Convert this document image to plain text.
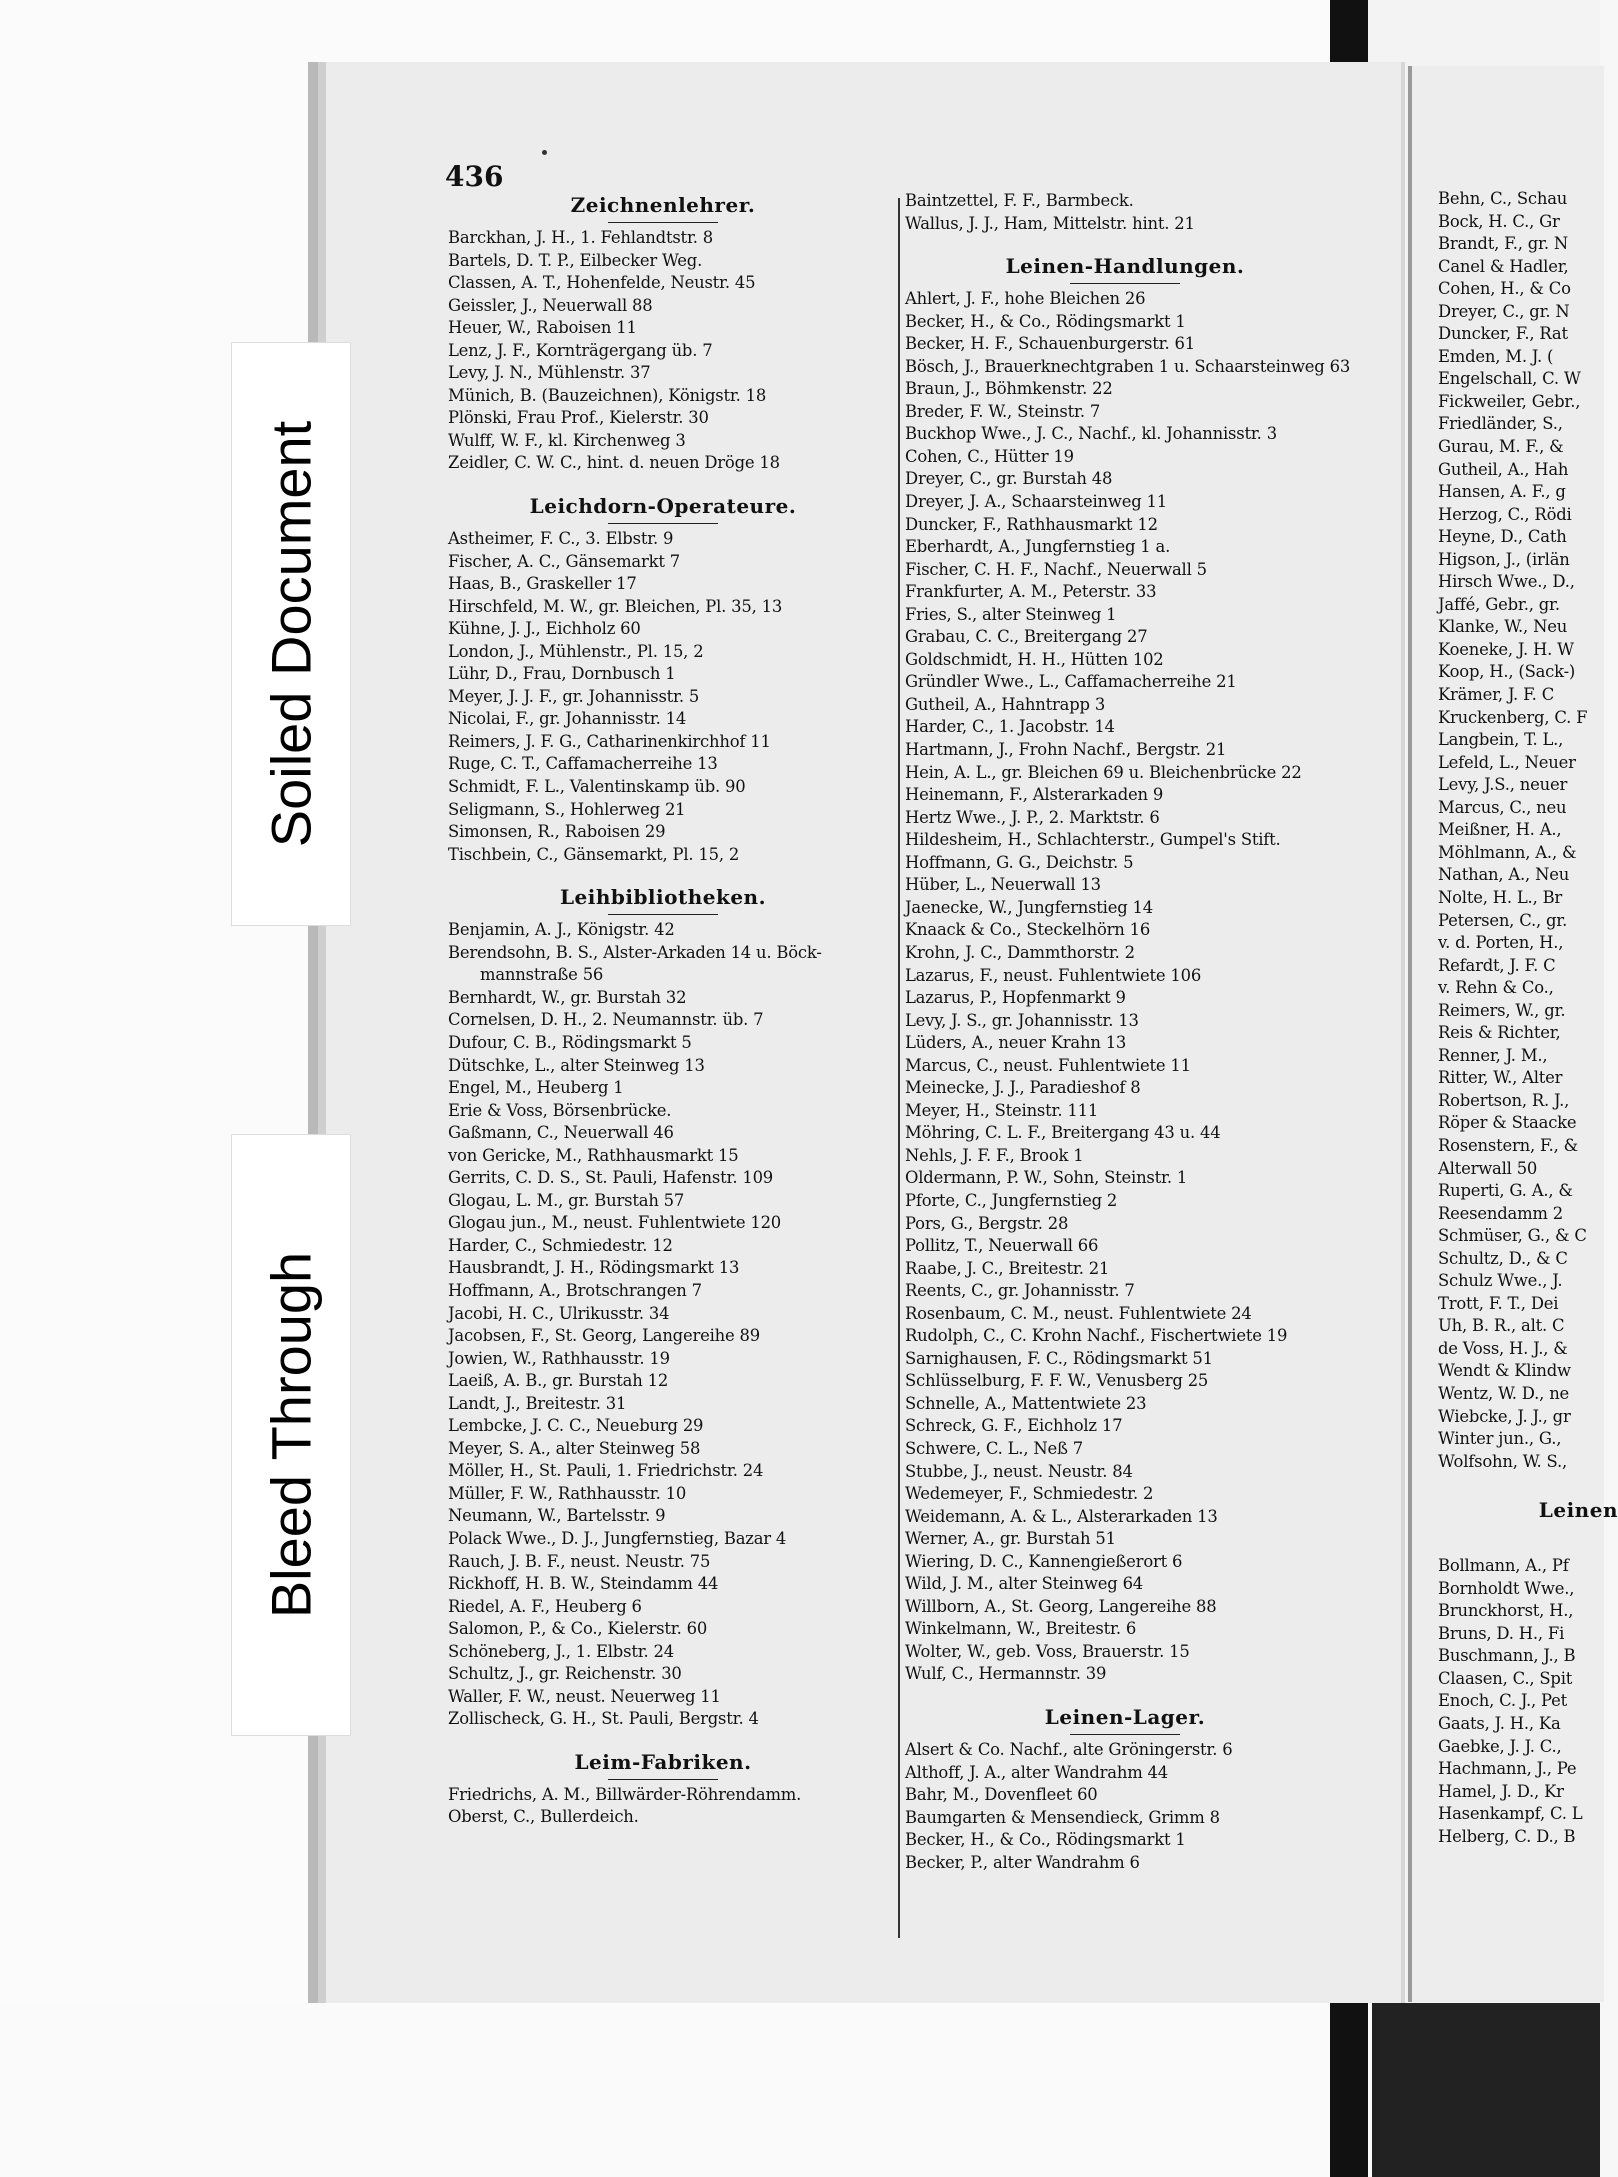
436
Zeichnenlehrer.
Barckhan, J. H., 1. Fehlandtstr. 8
Bartels, D. T. P., Eilbecker Weg.
Classen, A. T., Hohenfelde, Neustr. 45
Geissler, J., Neuerwall 88
Heuer, W., Raboisen 11
Lenz, J. F., Kornträgergang üb. 7
Levy, J. N., Mühlenstr. 37
Münich, B. (Bauzeichnen), Königstr. 18
Plönski, Frau Prof., Kielerstr. 30
Wulff, W. F., kl. Kirchenweg 3
Zeidler, C. W. C., hint. d. neuen Dröge 18
Leichdorn-Operateure.
Astheimer, F. C., 3. Elbstr. 9
Fischer, A. C., Gänsemarkt 7
Haas, B., Graskeller 17
Hirschfeld, M. W., gr. Bleichen, Pl. 35, 13
Kühne, J. J., Eichholz 60
London, J., Mühlenstr., Pl. 15, 2
Lühr, D., Frau, Dornbusch 1
Meyer, J. J. F., gr. Johannisstr. 5
Nicolai, F., gr. Johannisstr. 14
Reimers, J. F. G., Catharinenkirchhof 11
Ruge, C. T., Caffamacherreihe 13
Schmidt, F. L., Valentinskamp üb. 90
Seligmann, S., Hohlerweg 21
Simonsen, R., Raboisen 29
Tischbein, C., Gänsemarkt, Pl. 15, 2
Leihbibliotheken.
Benjamin, A. J., Königstr. 42
Berendsohn, B. S., Alster-Arkaden 14 u. Böck-
mannstraße 56
Bernhardt, W., gr. Burstah 32
Cornelsen, D. H., 2. Neumannstr. üb. 7
Dufour, C. B., Rödingsmarkt 5
Dütschke, L., alter Steinweg 13
Engel, M., Heuberg 1
Erie & Voss, Börsenbrücke.
Gaßmann, C., Neuerwall 46
von Gericke, M., Rathhausmarkt 15
Gerrits, C. D. S., St. Pauli, Hafenstr. 109
Glogau, L. M., gr. Burstah 57
Glogau jun., M., neust. Fuhlentwiete 120
Harder, C., Schmiedestr. 12
Hausbrandt, J. H., Rödingsmarkt 13
Hoffmann, A., Brotschrangen 7
Jacobi, H. C., Ulrikusstr. 34
Jacobsen, F., St. Georg, Langereihe 89
Jowien, W., Rathhausstr. 19
Laeiß, A. B., gr. Burstah 12
Landt, J., Breitestr. 31
Lembcke, J. C. C., Neueburg 29
Meyer, S. A., alter Steinweg 58
Möller, H., St. Pauli, 1. Friedrichstr. 24
Müller, F. W., Rathhausstr. 10
Neumann, W., Bartelsstr. 9
Polack Wwe., D. J., Jungfernstieg, Bazar 4
Rauch, J. B. F., neust. Neustr. 75
Rickhoff, H. B. W., Steindamm 44
Riedel, A. F., Heuberg 6
Salomon, P., & Co., Kielerstr. 60
Schöneberg, J., 1. Elbstr. 24
Schultz, J., gr. Reichenstr. 30
Waller, F. W., neust. Neuerweg 11
Zollischeck, G. H., St. Pauli, Bergstr. 4
Leim-Fabriken.
Friedrichs, A. M., Billwärder-Röhrendamm.
Oberst, C., Bullerdeich.
Baintzettel, F. F., Barmbeck.
Wallus, J. J., Ham, Mittelstr. hint. 21
Leinen-Handlungen.
Ahlert, J. F., hohe Bleichen 26
Becker, H., & Co., Rödingsmarkt 1
Becker, H. F., Schauenburgerstr. 61
Bösch, J., Brauerknechtgraben 1 u. Schaarsteinweg 63
Braun, J., Böhmkenstr. 22
Breder, F. W., Steinstr. 7
Buckhop Wwe., J. C., Nachf., kl. Johannisstr. 3
Cohen, C., Hütter 19
Dreyer, C., gr. Burstah 48
Dreyer, J. A., Schaarsteinweg 11
Duncker, F., Rathhausmarkt 12
Eberhardt, A., Jungfernstieg 1 a.
Fischer, C. H. F., Nachf., Neuerwall 5
Frankfurter, A. M., Peterstr. 33
Fries, S., alter Steinweg 1
Grabau, C. C., Breitergang 27
Goldschmidt, H. H., Hütten 102
Gründler Wwe., L., Caffamacherreihe 21
Gutheil, A., Hahntrapp 3
Harder, C., 1. Jacobstr. 14
Hartmann, J., Frohn Nachf., Bergstr. 21
Hein, A. L., gr. Bleichen 69 u. Bleichenbrücke 22
Heinemann, F., Alsterarkaden 9
Hertz Wwe., J. P., 2. Marktstr. 6
Hildesheim, H., Schlachterstr., Gumpel's Stift.
Hoffmann, G. G., Deichstr. 5
Hüber, L., Neuerwall 13
Jaenecke, W., Jungfernstieg 14
Knaack & Co., Steckelhörn 16
Krohn, J. C., Dammthorstr. 2
Lazarus, F., neust. Fuhlentwiete 106
Lazarus, P., Hopfenmarkt 9
Levy, J. S., gr. Johannisstr. 13
Lüders, A., neuer Krahn 13
Marcus, C., neust. Fuhlentwiete 11
Meinecke, J. J., Paradieshof 8
Meyer, H., Steinstr. 111
Möhring, C. L. F., Breitergang 43 u. 44
Nehls, J. F. F., Brook 1
Oldermann, P. W., Sohn, Steinstr. 1
Pforte, C., Jungfernstieg 2
Pors, G., Bergstr. 28
Pollitz, T., Neuerwall 66
Raabe, J. C., Breitestr. 21
Reents, C., gr. Johannisstr. 7
Rosenbaum, C. M., neust. Fuhlentwiete 24
Rudolph, C., C. Krohn Nachf., Fischertwiete 19
Sarnighausen, F. C., Rödingsmarkt 51
Schlüsselburg, F. F. W., Venusberg 25
Schnelle, A., Mattentwiete 23
Schreck, G. F., Eichholz 17
Schwere, C. L., Neß 7
Stubbe, J., neust. Neustr. 84
Wedemeyer, F., Schmiedestr. 2
Weidemann, A. & L., Alsterarkaden 13
Werner, A., gr. Burstah 51
Wiering, D. C., Kannengießerort 6
Wild, J. M., alter Steinweg 64
Willborn, A., St. Georg, Langereihe 88
Winkelmann, W., Breitestr. 6
Wolter, W., geb. Voss, Brauerstr. 15
Wulf, C., Hermannstr. 39
Leinen-Lager.
Alsert & Co. Nachf., alte Gröningerstr. 6
Althoff, J. A., alter Wandrahm 44
Bahr, M., Dovenfleet 60
Baumgarten & Mensendieck, Grimm 8
Becker, H., & Co., Rödingsmarkt 1
Becker, P., alter Wandrahm 6
Behn, C., Schau
Bock, H. C., Gr
Brandt, F., gr. N
Canel & Hadler,
Cohen, H., & Co
Dreyer, C., gr. N
Duncker, F., Rat
Emden, M. J. (
Engelschall, C. W
Fickweiler, Gebr.,
Friedländer, S.,
Gurau, M. F., &
Gutheil, A., Hah
Hansen, A. F., g
Herzog, C., Rödi
Heyne, D., Cath
Higson, J., (irlän
Hirsch Wwe., D.,
Jaffé, Gebr., gr.
Klanke, W., Neu
Koeneke, J. H. W
Koop, H., (Sack-)
Krämer, J. F. C
Kruckenberg, C. F
Langbein, T. L.,
Lefeld, L., Neuer
Levy, J.S., neuer
Marcus, C., neu
Meißner, H. A.,
Möhlmann, A., &
Nathan, A., Neu
Nolte, H. L., Br
Petersen, C., gr.
v. d. Porten, H.,
Refardt, J. F. C
v. Rehn & Co.,
Reimers, W., gr.
Reis & Richter,
Renner, J. M.,
Ritter, W., Alter
Robertson, R. J.,
Röper & Staacke
Rosenstern, F., &
Alterwall 50
Ruperti, G. A., &
Reesendamm 2
Schmüser, G., & C
Schultz, D., & C
Schulz Wwe., J.
Trott, F. T., Dei
Uh, B. R., alt. C
de Voss, H. J., &
Wendt & Klindw
Wentz, W. D., ne
Wiebcke, J. J., gr
Winter jun., G.,
Wolfsohn, W. S.,
Leinen
Bollmann, A., Pf
Bornholdt Wwe.,
Brunckhorst, H.,
Bruns, D. H., Fi
Buschmann, J., B
Claasen, C., Spit
Enoch, C. J., Pet
Gaats, J. H., Ka
Gaebke, J. J. C.,
Hachmann, J., Pe
Hamel, J. D., Kr
Hasenkampf, C. L
Helberg, C. D., B
Soiled Document
Bleed Through
